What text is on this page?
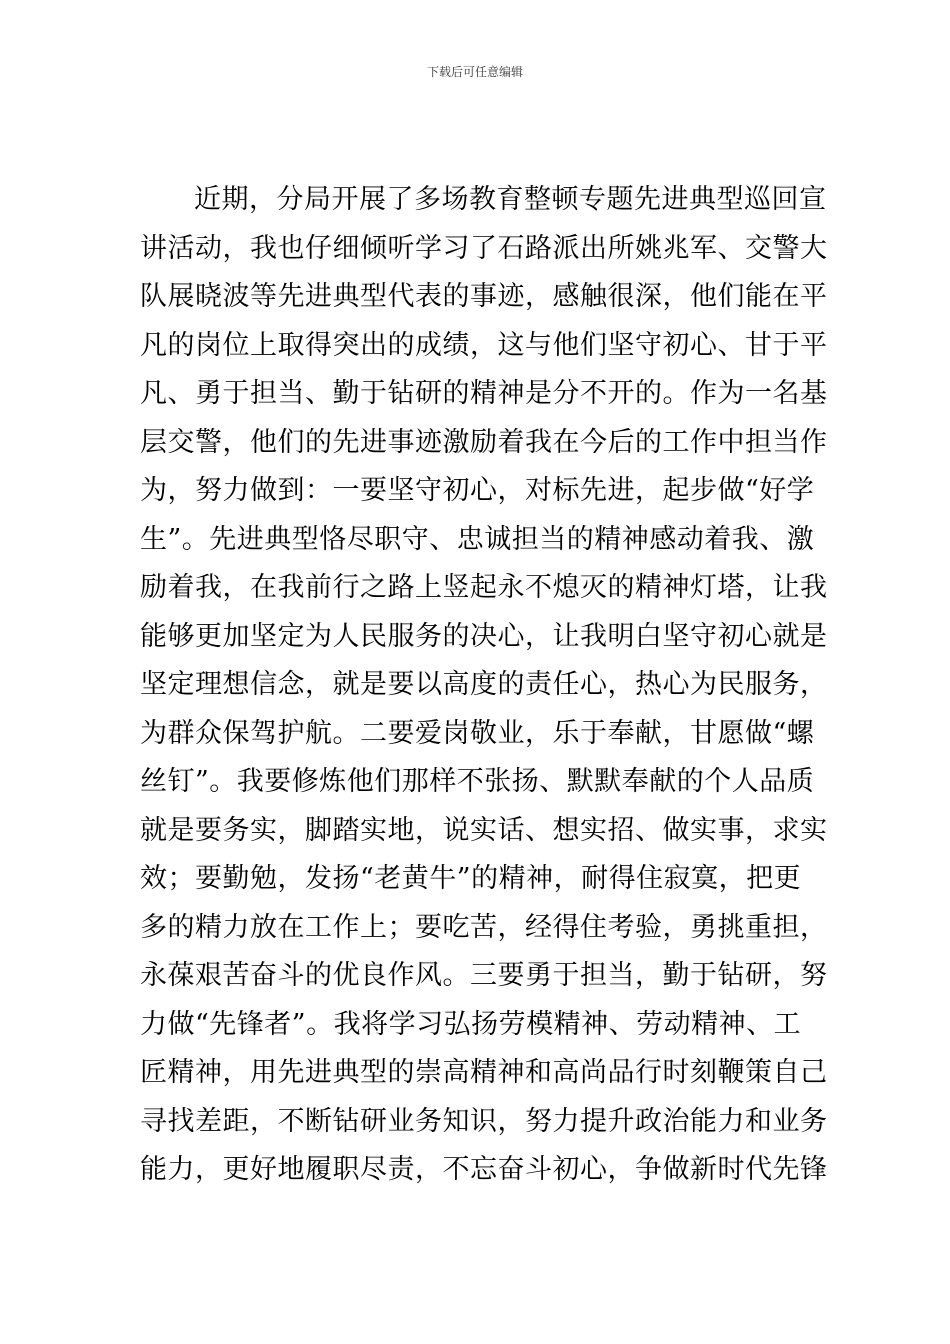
下载后可任意编辑
近期，分局开展了多场教育整顿专题先进典型巡回宣
讲活动，我也仔细倾听学习了石路派出所姚兆军、交警大
队展晓波等先进典型代表的事迹，感触很深，他们能在平
凡的岗位上取得突出的成绩，这与他们坚守初心、甘于平
凡、勇于担当、勤于钻研的精神是分不开的。作为一名基
层交警，他们的先进事迹激励着我在今后的工作中担当作
为，努力做到：一要坚守初心，对标先进，起步做“好学
生”。先进典型恪尽职守、忠诚担当的精神感动着我、激
励着我，在我前行之路上竖起永不熄灭的精神灯塔，让我
能够更加坚定为人民服务的决心，让我明白坚守初心就是
坚定理想信念，就是要以高度的责任心，热心为民服务，
为群众保驾护航。二要爱岗敬业，乐于奉献，甘愿做“螺
丝钉”。我要修炼他们那样不张扬、默默奉献的个人品质
就是要务实，脚踏实地，说实话、想实招、做实事，求实
效；要勤勉，发扬“老黄牛”的精神，耐得住寂寞，把更
多的精力放在工作上；要吃苦，经得住考验，勇挑重担，
永葆艰苦奋斗的优良作风。三要勇于担当，勤于钻研，努
力做“先锋者”。我将学习弘扬劳模精神、劳动精神、工
匠精神，用先进典型的崇高精神和高尚品行时刻鞭策自己
寻找差距，不断钻研业务知识，努力提升政治能力和业务
能力，更好地履职尽责，不忘奋斗初心，争做新时代先锋
